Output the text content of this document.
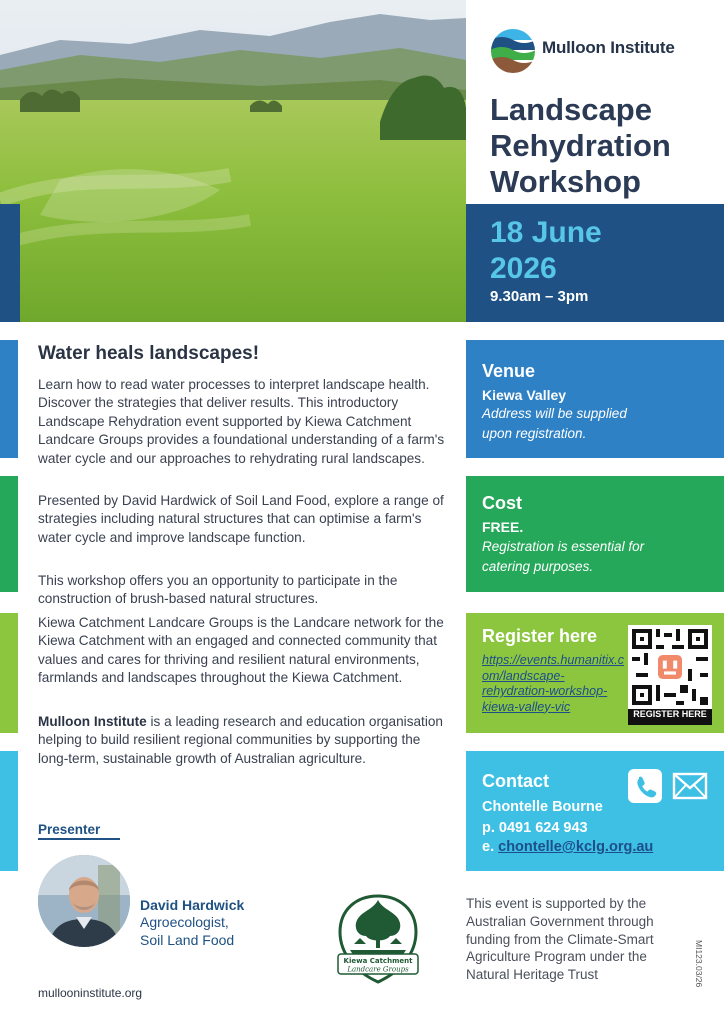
Mulloon Institute
Landscape
Rehydration
Workshop
18 June
2026
9.30am – 3pm
Water heals landscapes!

Learn how to read water processes to interpret landscape health. Discover the strategies that deliver results. This introductory Landscape Rehydration event supported by Kiewa Catchment Landcare Groups provides a foundational understanding of a farm's water cycle and our approaches to rehydrating rural landscapes.

Presented by David Hardwick of Soil Land Food, explore a range of strategies including natural structures that can optimise a farm's water cycle and improve landscape function.

This workshop offers you an opportunity to participate in the construction of brush-based natural structures.

Kiewa Catchment Landcare Groups is the Landcare network for the Kiewa Catchment with an engaged and connected community that values and cares for thriving and resilient natural environments, farmlands and landscapes throughout the Kiewa Catchment.

Mulloon Institute is a leading research and education organisation helping to build resilient regional communities by supporting the long-term, sustainable growth of Australian agriculture.

Venue
Kiewa Valley
Address will be supplied
upon registration.
Cost
FREE.
Registration is essential for
catering purposes.
Register here
https://events.humanitix.com/landscape-rehydration-workshop-kiewa-valley-vic
REGISTER HERE
Contact
Chontelle Bourne
p. 0491 624 943
e. chontelle@kclg.org.au
Presenter
David Hardwick
Agroecologist,
Soil Land Food
Kiewa Catchment
Landcare Groups
This event is supported by the Australian Government through funding from the Climate-Smart Agriculture Program under the Natural Heritage Trust	MI123.03/26
mullooninstitute.org
